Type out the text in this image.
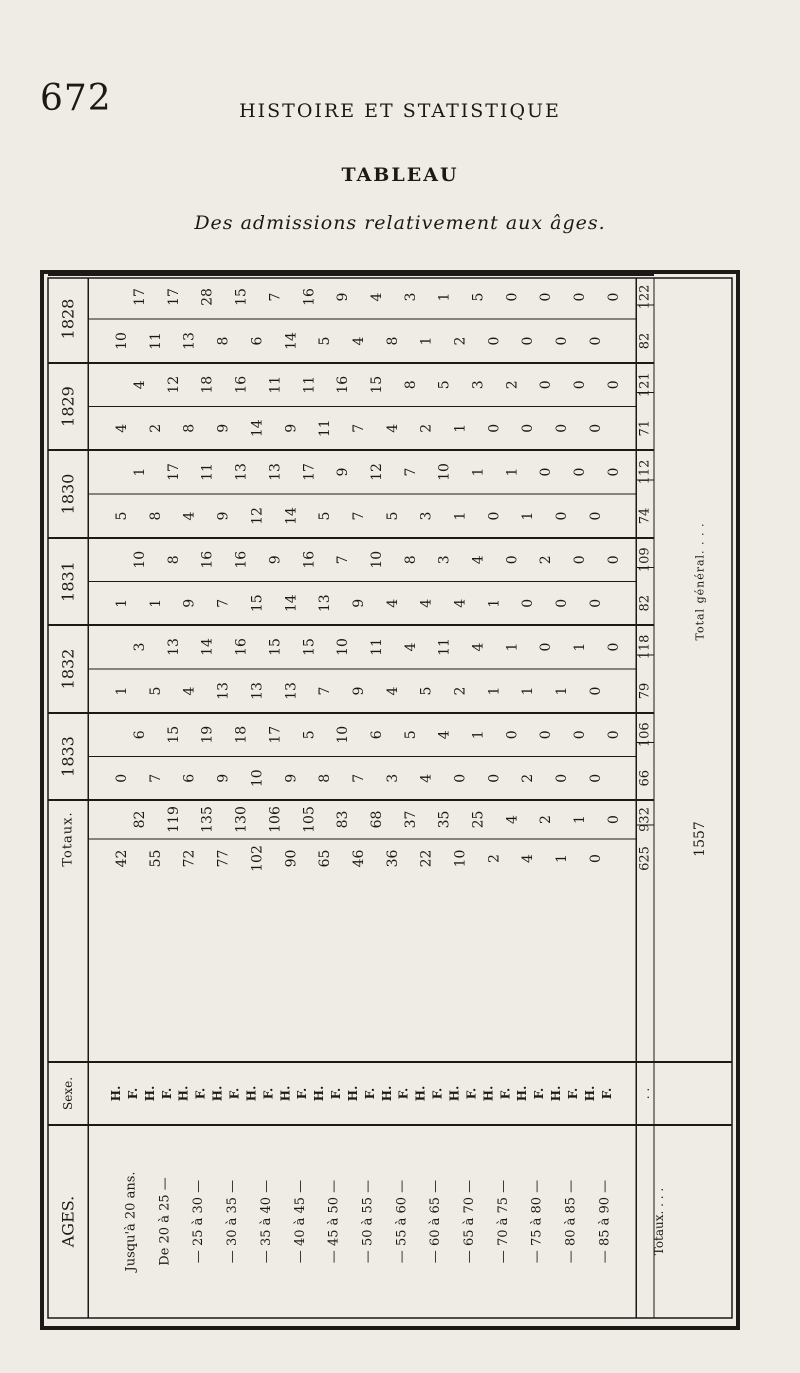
672	HISTOIRE ET STATISTIQUE
TABLEAU
Des admissions relativement aux âges.
1828
1829
1830
1831
1832
1833
Totaux.
Sexe.
AGES.
17
10
4
4
1
5
10
1
3
1
6
0
82
42
Jusqu'à 20 ans.
17
11
12
2
17
8
8
1
13
5
15
7
119
55
De 20 à 25 —
28
13
18
8
11
4
16
9
14
4
19
6
135
72
— 25 à 30 —
15
8
16
9
13
9
16
7
16
13
18
9
130
77
— 30 à 35 —
7
6
11
14
13
12
9
15
15
13
17
10
106
102
— 35 à 40 —
16
14
11
9
17
14
16
14
15
13
5
9
105
90
— 40 à 45 —
9
5
16
11
9
5
7
13
10
7
10
8
83
65
— 45 à 50 —
4
4
15
7
12
7
10
9
11
9
6
7
68
46
— 50 à 55 —
3
8
8
4
7
5
8
4
4
4
5
3
37
36
— 55 à 60 —
1
1
5
2
10
3
3
4
11
5
4
4
35
22
— 60 à 65 —
5
2
3
1
1
1
4
4
4
2
1
0
25
10
— 65 à 70 —
0
0
2
0
1
0
0
1
1
1
0
0
4
2
— 70 à 75 —
0
0
0
0
0
1
2
0
0
1
0
2
2
4
— 75 à 80 —
0
0
0
0
0
0
0
0
1
1
0
0
1
1
— 80 à 85 —
0
0
0
0
0
0
0
0
0
0
0
0
0
0
— 85 à 90 —
H. F. H. F. H. F. H. F. H. F. H. F. H. F. H. F. H. F. H. F. H. F. H. F. H. F. H. F. H. F.
122
82
121
71
112
74
109
82
118
79
106
66
932
625
. .
Totaux. . . .
Total général. . . .
1557
